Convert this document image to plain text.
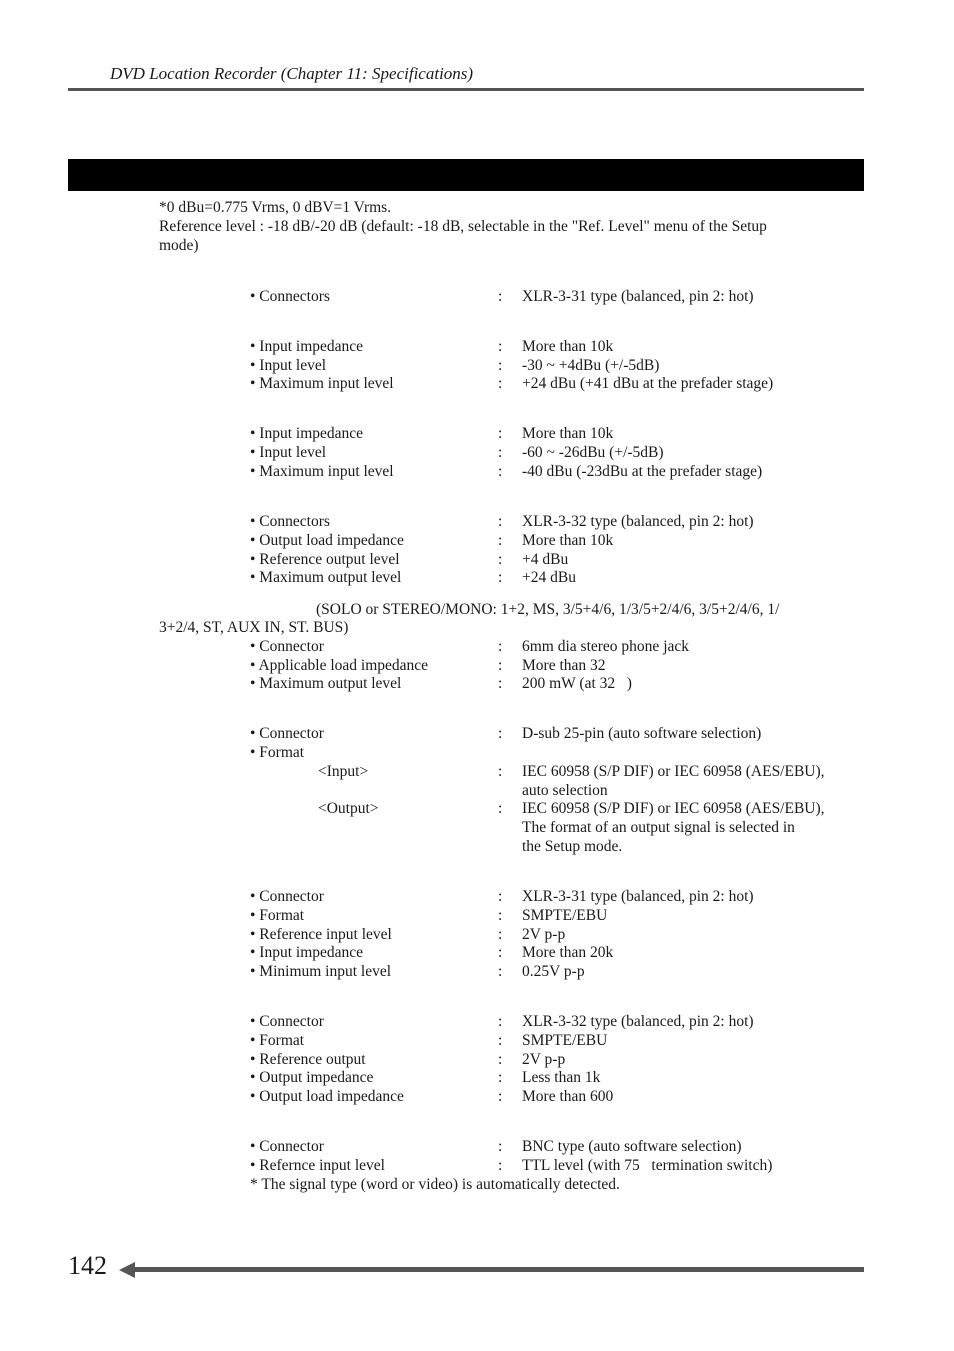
DVD Location Recorder (Chapter 11: Specifications)
*0 dBu=0.775 Vrms, 0 dBV=1 Vrms.
Reference level : -18 dB/-20 dB (default: -18 dB, selectable in the "Ref. Level" menu of the Setup
mode)
• Connectors	: XLR-3-31 type (balanced, pin 2: hot)
• Input impedance	: More than 10k
• Input level	: -30 ~ +4dBu (+/-5dB)
• Maximum input level	: +24 dBu (+41 dBu at the prefader stage)
• Input impedance	: More than 10k
• Input level	: -60 ~ -26dBu (+/-5dB)
• Maximum input level	: -40 dBu (-23dBu at the prefader stage)
• Connectors	: XLR-3-32 type (balanced, pin 2: hot)
• Output load impedance	: More than 10k
• Reference output level	: +4 dBu
• Maximum output level	: +24 dBu
(SOLO or STEREO/MONO: 1+2, MS, 3/5+4/6, 1/3/5+2/4/6, 3/5+2/4/6, 1/
3+2/4, ST, AUX IN, ST. BUS)
• Connector	: 6mm dia stereo phone jack
• Applicable load impedance	: More than 32
• Maximum output level	: 200 mW (at 32   )
• Connector	: D-sub 25-pin (auto software selection)
• Format
<Input>	: IEC 60958 (S/P DIF) or IEC 60958 (AES/EBU),
auto selection
<Output>	: IEC 60958 (S/P DIF) or IEC 60958 (AES/EBU),
The format of an output signal is selected in
the Setup mode.
• Connector	: XLR-3-31 type (balanced, pin 2: hot)
• Format	: SMPTE/EBU
• Reference input level	: 2V p-p
• Input impedance	: More than 20k
• Minimum input level	: 0.25V p-p
• Connector	: XLR-3-32 type (balanced, pin 2: hot)
• Format	: SMPTE/EBU
• Reference output	: 2V p-p
• Output impedance	: Less than 1k
• Output load impedance	: More than 600
• Connector	: BNC type (auto software selection)
• Refernce input level	: TTL level (with 75   termination switch)
* The signal type (word or video) is automatically detected.
142
